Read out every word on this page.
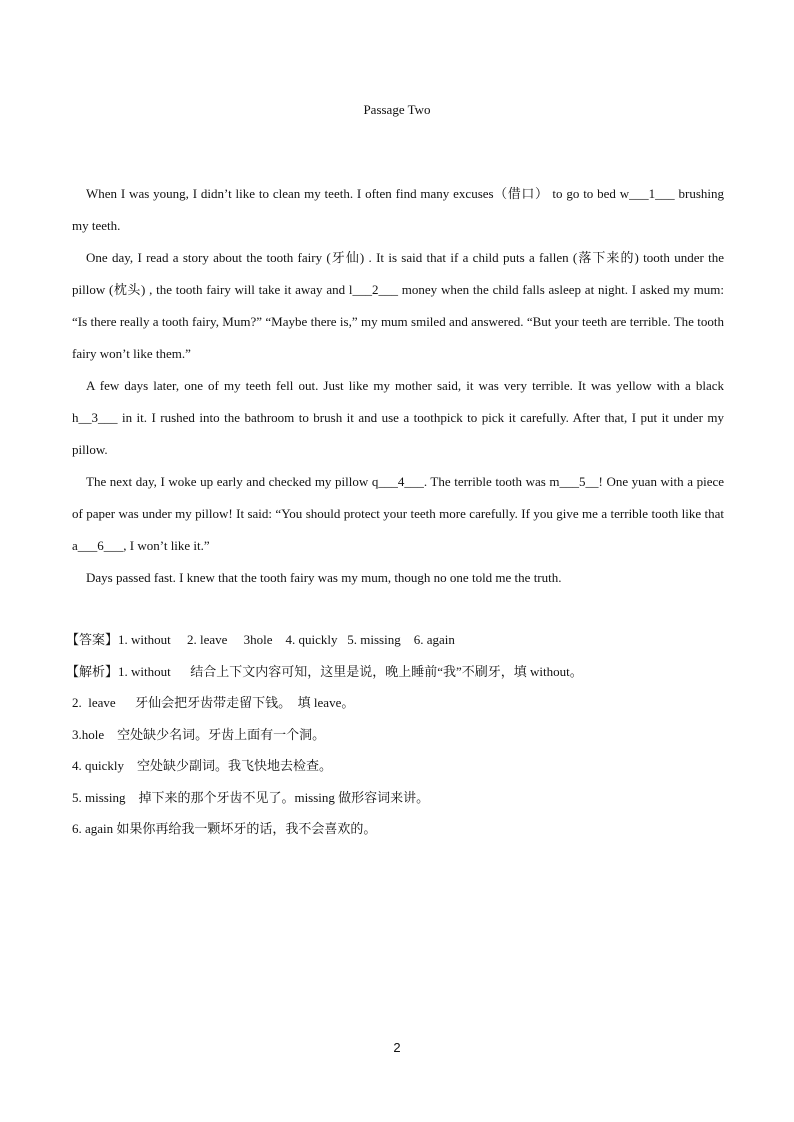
Passage Two

When I was young, I didn’t like to clean my teeth. I often find many excuses（借口） to go to bed w___1___ brushing my teeth.

One day, I read a story about the tooth fairy (牙仙) . It is said that if a child puts a fallen (落下来的) tooth under the pillow (枕头) , the tooth fairy will take it away and l___2___ money when the child falls asleep at night. I asked my mum: “Is there really a tooth fairy, Mum?” “Maybe there is,” my mum smiled and answered. “But your teeth are terrible. The tooth fairy won’t like them.”

A few days later, one of my teeth fell out. Just like my mother said, it was very terrible. It was yellow with a black h__3___ in it. I rushed into the bathroom to brush it and use a toothpick to pick it carefully. After that, I put it under my pillow.

The next day, I woke up early and checked my pillow q___4___. The terrible tooth was m___5__! One yuan with a piece of paper was under my pillow! It said: “You should protect your teeth more carefully. If you give me a terrible tooth like that a___6___, I won’t like it.”

Days passed fast. I knew that the tooth fairy was my mum, though no one told me the truth.

【答案】1. without     2. leave     3hole    4. quickly   5. missing    6. again
【解析】1. without      结合上下文内容可知，这里是说，晚上睡前“我”不刷牙，填 without。
2.  leave      牙仙会把牙齿带走留下钱。  填 leave。
3.hole    空处缺少名词。牙齿上面有一个洞。
4. quickly    空处缺少副词。我飞快地去检查。
5. missing    掉下来的那个牙齿不见了。missing 做形容词来讲。
6. again 如果你再给我一颗坏牙的话，我不会喜欢的。
2
